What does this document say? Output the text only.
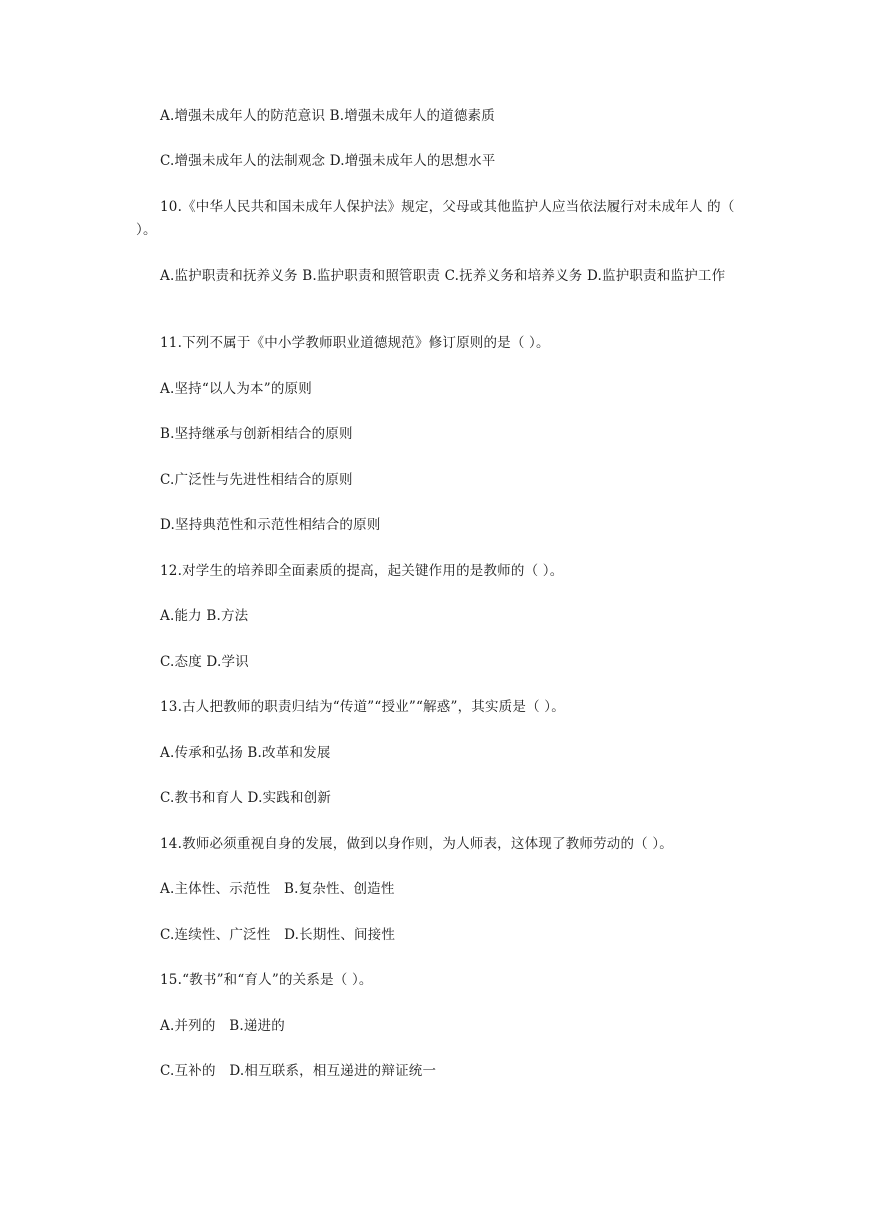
A.增强未成年人的防范意识 B.增强未成年人的道德素质
C.增强未成年人的法制观念 D.增强未成年人的思想水平
10.《中华人民共和国未成年人保护法》规定，父母或其他监护人应当依法履行对未成年人 的（ ）。
A.监护职责和抚养义务 B.监护职责和照管职责 C.抚养义务和培养义务 D.监护职责和监护工作
11.下列不属于《中小学教师职业道德规范》修订原则的是（ ）。
A.坚持“以人为本”的原则
B.坚持继承与创新相结合的原则
C.广泛性与先进性相结合的原则
D.坚持典范性和示范性相结合的原则
12.对学生的培养即全面素质的提高，起关键作用的是教师的（ ）。
A.能力 B.方法
C.态度 D.学识
13.古人把教师的职责归结为“传道”“授业”“解惑”，其实质是（ ）。
A.传承和弘扬 B.改革和发展
C.教书和育人 D.实践和创新
14.教师必须重视自身的发展，做到以身作则，为人师表，这体现了教师劳动的（ ）。
A.主体性、示范性　B.复杂性、创造性
C.连续性、广泛性　D.长期性、间接性
15.“教书”和“育人”的关系是（ ）。
A.并列的　B.递进的
C.互补的　D.相互联系，相互递进的辩证统一
